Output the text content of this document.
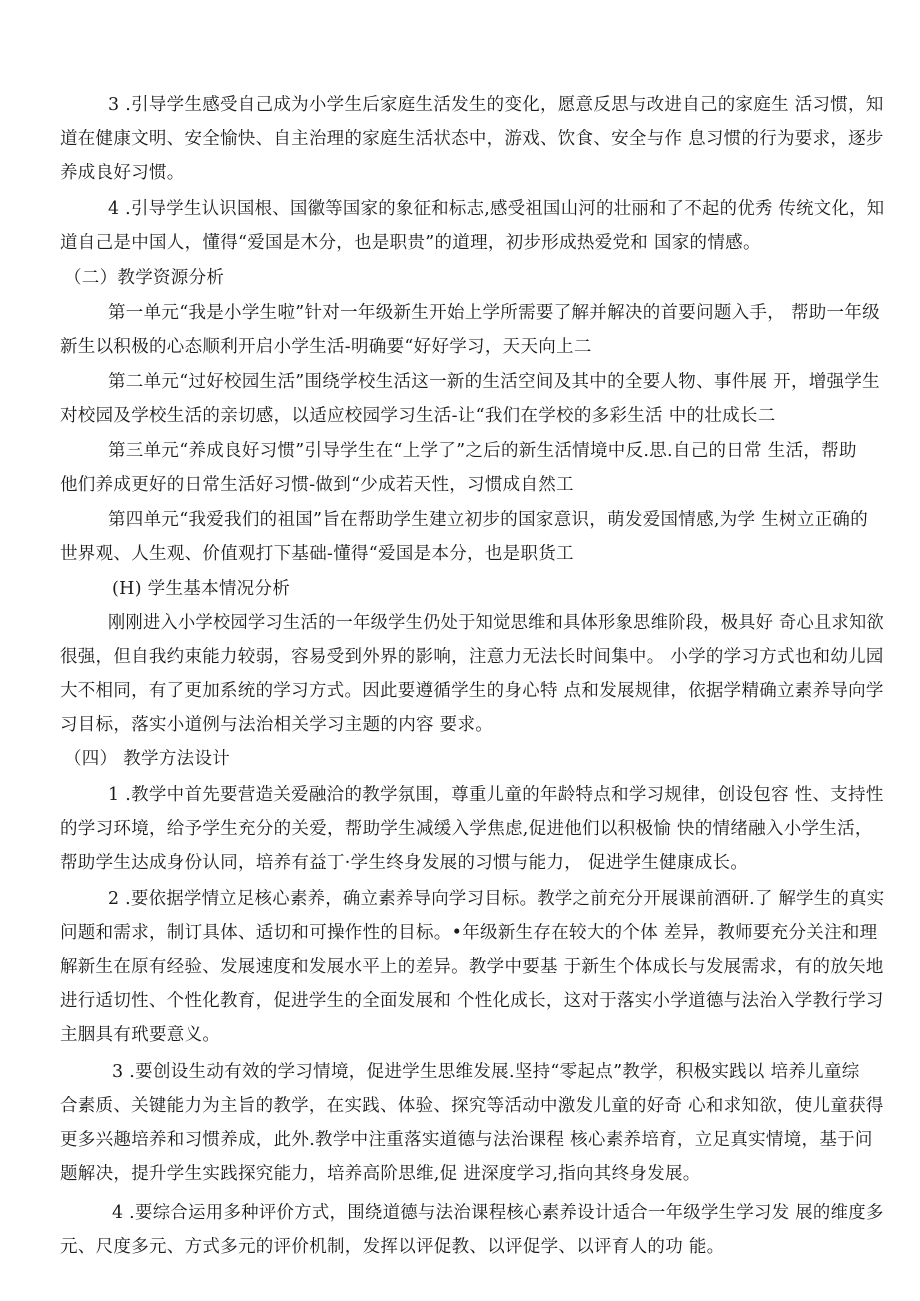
3 .引导学生感受自己成为小学生后家庭生活发生的变化，愿意反思与改进自己的家庭生 活习惯，知
道在健康文明、安全愉快、自主治理的家庭生活状态中，游戏、饮食、安全与作 息习惯的行为要求，逐步
养成良好习惯。
4 .引导学生认识国根、国徽等国家的象征和标志,感受祖国山河的壮丽和了不起的优秀 传统文化，知
道自己是中国人，懂得“爱国是木分，也是职贵”的道理，初步形成热爱党和 国家的情感。
（二）教学资源分析
第一单元“我是小学生啦”针对一年级新生开始上学所需要了解并解决的首要问题入手， 帮助一年级
新生以积极的心态顺利开启小学生活-明确要“好好学习，天天向上二
第二单元“过好校园生活”围绕学校生活这一新的生活空间及其中的全要人物、事件展 开，增强学生
对校园及学校生活的亲切感，以适应校园学习生活-让“我们在学校的多彩生活 中的壮成长二
第三单元“养成良好习惯”引导学生在“上学了”之后的新生活情境中反.思.自己的日常 生活，帮助
他们养成更好的日常生活好习惯-做到“少成若天性，习惯成自然工
第四单元“我爱我们的祖国”旨在帮助学生建立初步的国家意识，萌发爱国情感,为学 生树立正确的
世界观、人生观、价值观打下基础-懂得“爱国是本分，也是职货工
(H) 学生基本情况分析
刚刚进入小学校园学习生活的一年级学生仍处于知觉思维和具体形象思维阶段，极具好 奇心且求知欲
很强，但自我约束能力较弱，容易受到外界的影响，注意力无法长时间集中。 小学的学习方式也和幼儿园
大不相同，有了更加系统的学习方式。因此要遵循学生的身心特 点和发展规律，依据学精确立素养导向学
习目标，落实小道例与法治相关学习主题的内容 要求。
（四） 教学方法设计
1 .教学中首先要营造关爱融洽的教学氛围，尊重儿童的年龄特点和学习规律，创设包容 性、支持性
的学习环境，给予学生充分的关爱，帮助学生减缓入学焦虑,促进他们以积极愉 快的情绪融入小学生活，
帮助学生达成身份认同，培养有益丁·学生终身发展的习惯与能力， 促进学生健康成长。
2 .要依据学情立足核心素养，确立素养导向学习目标。教学之前充分开展课前酒研.了 解学生的真实
问题和需求，制订具体、适切和可操作性的目标。•年级新生存在较大的个体 差异，教师要充分关注和理
解新生在原有经验、发展速度和发展水平上的差异。教学中要基 于新生个体成长与发展需求，有的放矢地
进行适切性、个性化教育，促进学生的全面发展和 个性化成长，这对于落实小学道德与法治入学教行学习
主胭具有玳要意义。
3 .要创设生动有效的学习情境，促进学生思维发展.坚持“零起点”教学，积极实践以 培养儿童综
合素质、关键能力为主旨的教学，在实践、体验、探究等活动中激发儿童的好奇 心和求知欲，使儿童获得
更多兴趣培养和习惯养成，此外.教学中注重落实道德与法治课程 核心素养培育，立足真实情境，基于问
题解决，提升学生实践探究能力，培养高阶思维,促 进深度学习,指向其终身发展。
4 .要综合运用多种评价方式，围绕道德与法治课程核心素养设计适合一年级学生学习发 展的维度多
元、尺度多元、方式多元的评价机制，发挥以评促教、以评促学、以评育人的功 能。
